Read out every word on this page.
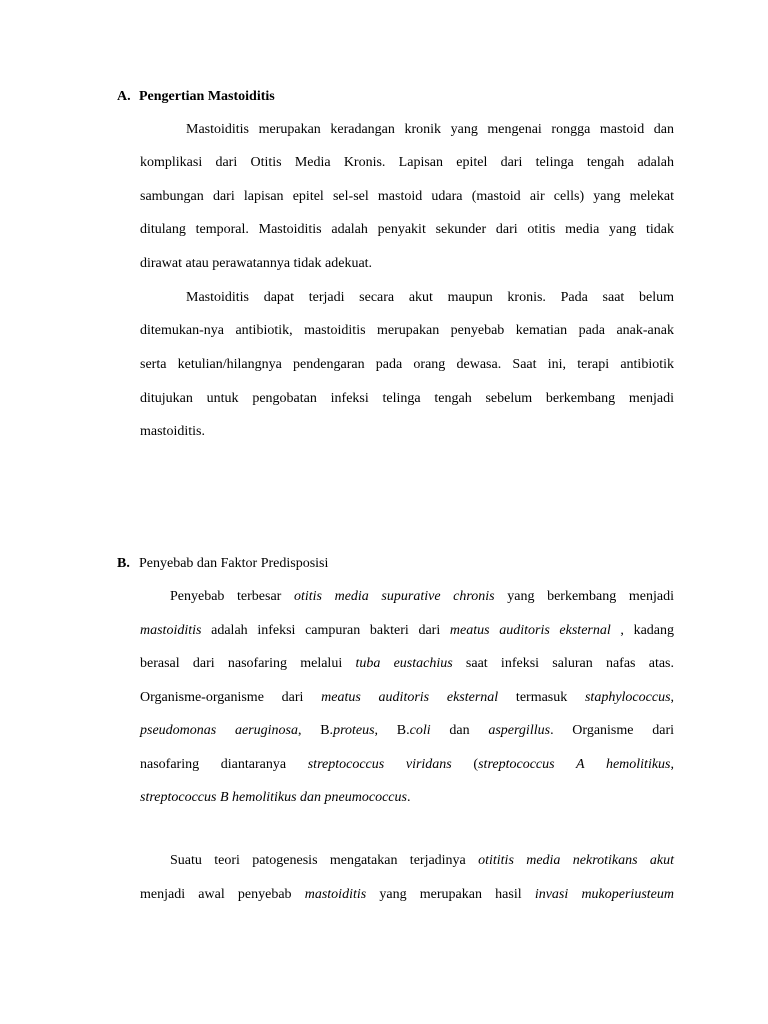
A. Pengertian Mastoiditis
Mastoiditis merupakan keradangan kronik yang mengenai rongga mastoid dan
komplikasi dari Otitis Media Kronis. Lapisan epitel dari telinga tengah adalah
sambungan dari lapisan epitel sel-sel mastoid udara (mastoid air cells) yang melekat
ditulang temporal. Mastoiditis adalah penyakit sekunder dari otitis media yang tidak
dirawat atau perawatannya tidak adekuat.
Mastoiditis dapat terjadi secara akut maupun kronis. Pada saat belum
ditemukan-nya antibiotik, mastoiditis merupakan penyebab kematian pada anak-anak
serta ketulian/hilangnya pendengaran pada orang dewasa. Saat ini, terapi antibiotik
ditujukan untuk pengobatan infeksi telinga tengah sebelum berkembang menjadi
mastoiditis.
B. Penyebab dan Faktor Predisposisi
Penyebab terbesar otitis media supurative chronis yang berkembang menjadi
mastoiditis adalah infeksi campuran bakteri dari meatus auditoris eksternal , kadang
berasal dari nasofaring melalui tuba eustachius saat infeksi saluran nafas atas.
Organisme-organisme dari meatus auditoris eksternal termasuk staphylococcus,
pseudomonas aeruginosa, B.proteus, B.coli dan aspergillus. Organisme dari
nasofaring diantaranya streptococcus viridans (streptococcus A hemolitikus,
streptococcus B hemolitikus dan pneumococcus.
Suatu teori patogenesis mengatakan terjadinya otititis media nekrotikans akut
menjadi awal penyebab mastoiditis yang merupakan hasil invasi mukoperiusteum
